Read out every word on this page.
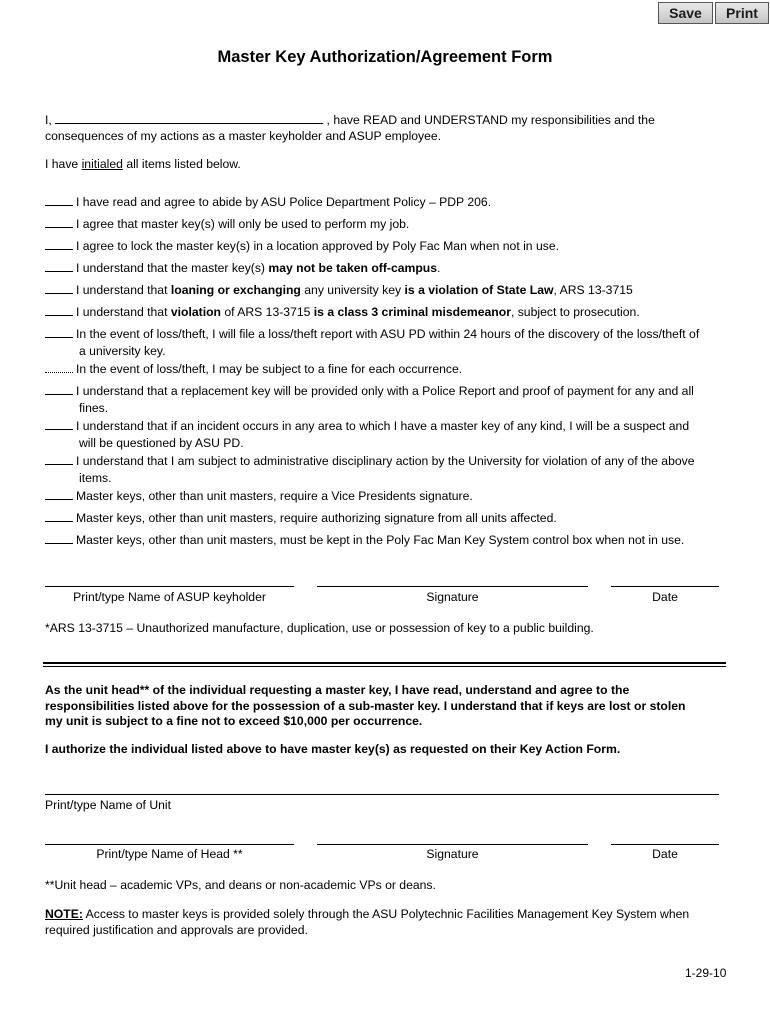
Save	Print
Master Key Authorization/Agreement Form
I,	, have READ and UNDERSTAND my responsibilities and the
consequences of my actions as a master keyholder and ASUP employee.
I have initialed all items listed below.
I have read and agree to abide by ASU Police Department Policy – PDP 206.
I agree that master key(s) will only be used to perform my job.
I agree to lock the master key(s) in a location approved by Poly Fac Man when not in use.
I understand that the master key(s) may not be taken off-campus.
I understand that loaning or exchanging any university key is a violation of State Law, ARS 13-3715
I understand that violation of ARS 13-3715 is a class 3 criminal misdemeanor, subject to prosecution.
In the event of loss/theft, I will file a loss/theft report with ASU PD within 24 hours of the discovery of the loss/theft of
a university key.
In the event of loss/theft, I may be subject to a fine for each occurrence.
I understand that a replacement key will be provided only with a Police Report and proof of payment for any and all
fines.
I understand that if an incident occurs in any area to which I have a master key of any kind, I will be a suspect and
will be questioned by ASU PD.
I understand that I am subject to administrative disciplinary action by the University for violation of any of the above
items.
Master keys, other than unit masters, require a Vice Presidents signature.
Master keys, other than unit masters, require authorizing signature from all units affected.
Master keys, other than unit masters, must be kept in the Poly Fac Man Key System control box when not in use.
Print/type Name of ASUP keyholder	Signature	Date
*ARS 13-3715 – Unauthorized manufacture, duplication, use or possession of key to a public building.
As the unit head** of the individual requesting a master key, I have read, understand and agree to the
responsibilities listed above for the possession of a sub-master key. I understand that if keys are lost or stolen
my unit is subject to a fine not to exceed $10,000 per occurrence.
I authorize the individual listed above to have master key(s) as requested on their Key Action Form.
Print/type Name of Unit
Print/type Name of Head **	Signature	Date
**Unit head – academic VPs, and deans or non-academic VPs or deans.
NOTE: Access to master keys is provided solely through the ASU Polytechnic Facilities Management Key System when
required justification and approvals are provided.
1-29-10
